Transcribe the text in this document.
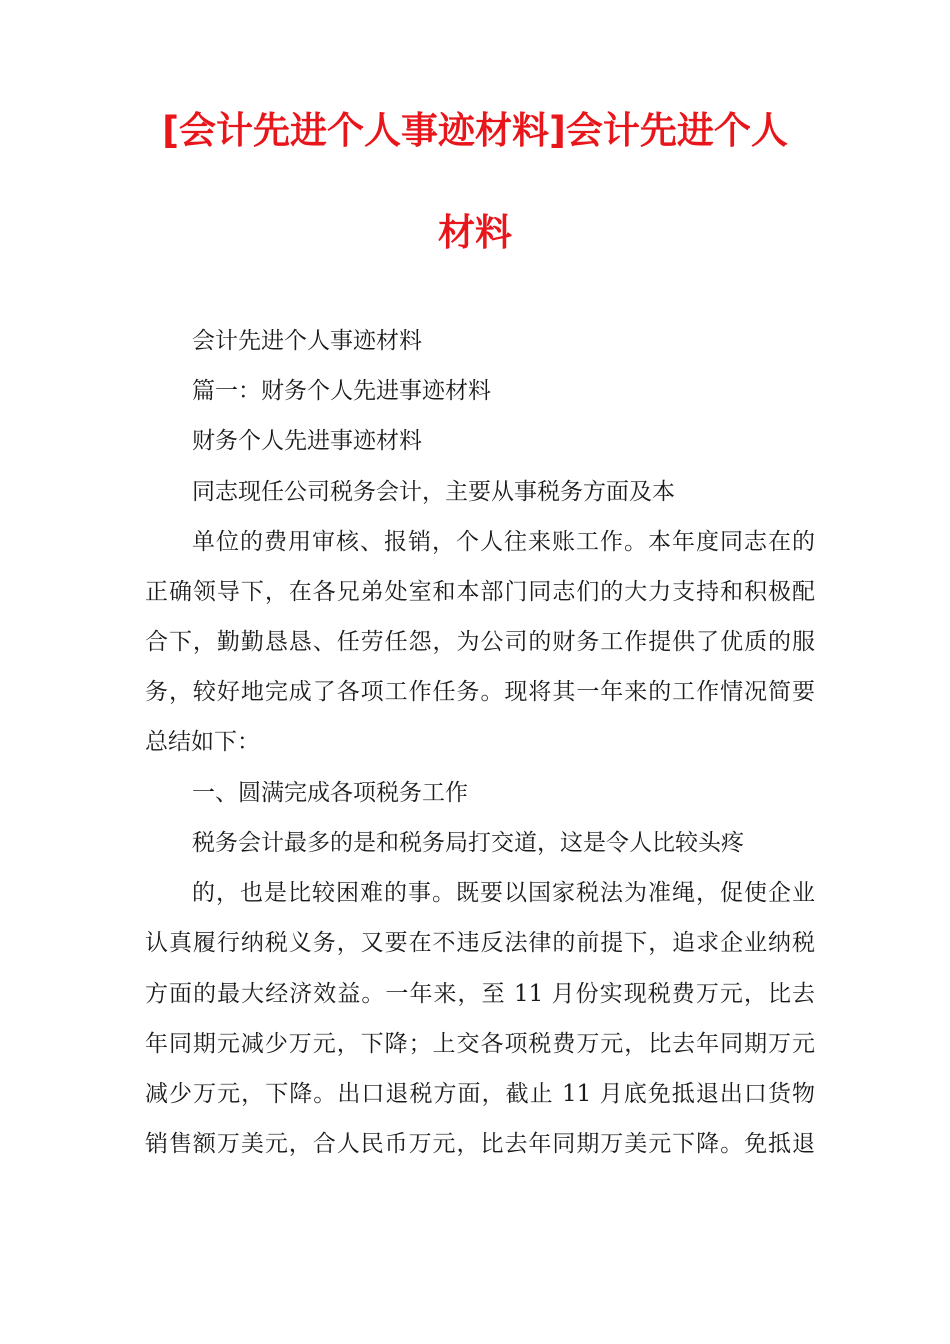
[会计先进个人事迹材料]会计先进个人
材料
会计先进个人事迹材料
篇一：财务个人先进事迹材料
财务个人先进事迹材料
同志现任公司税务会计，主要从事税务方面及本
单位的费用审核、报销，个人往来账工作。本年度同志在的
正确领导下，在各兄弟处室和本部门同志们的大力支持和积极配
合下，勤勤恳恳、任劳任怨，为公司的财务工作提供了优质的服
务，较好地完成了各项工作任务。现将其一年来的工作情况简要
总结如下：
一、圆满完成各项税务工作
税务会计最多的是和税务局打交道，这是令人比较头疼
的，也是比较困难的事。既要以国家税法为准绳，促使企业
认真履行纳税义务，又要在不违反法律的前提下，追求企业纳税
方面的最大经济效益。一年来，至 11 月份实现税费万元，比去
年同期元减少万元，下降；上交各项税费万元，比去年同期万元
减少万元，下降。出口退税方面，截止 11 月底免抵退出口货物
销售额万美元，合人民币万元，比去年同期万美元下降。免抵退
